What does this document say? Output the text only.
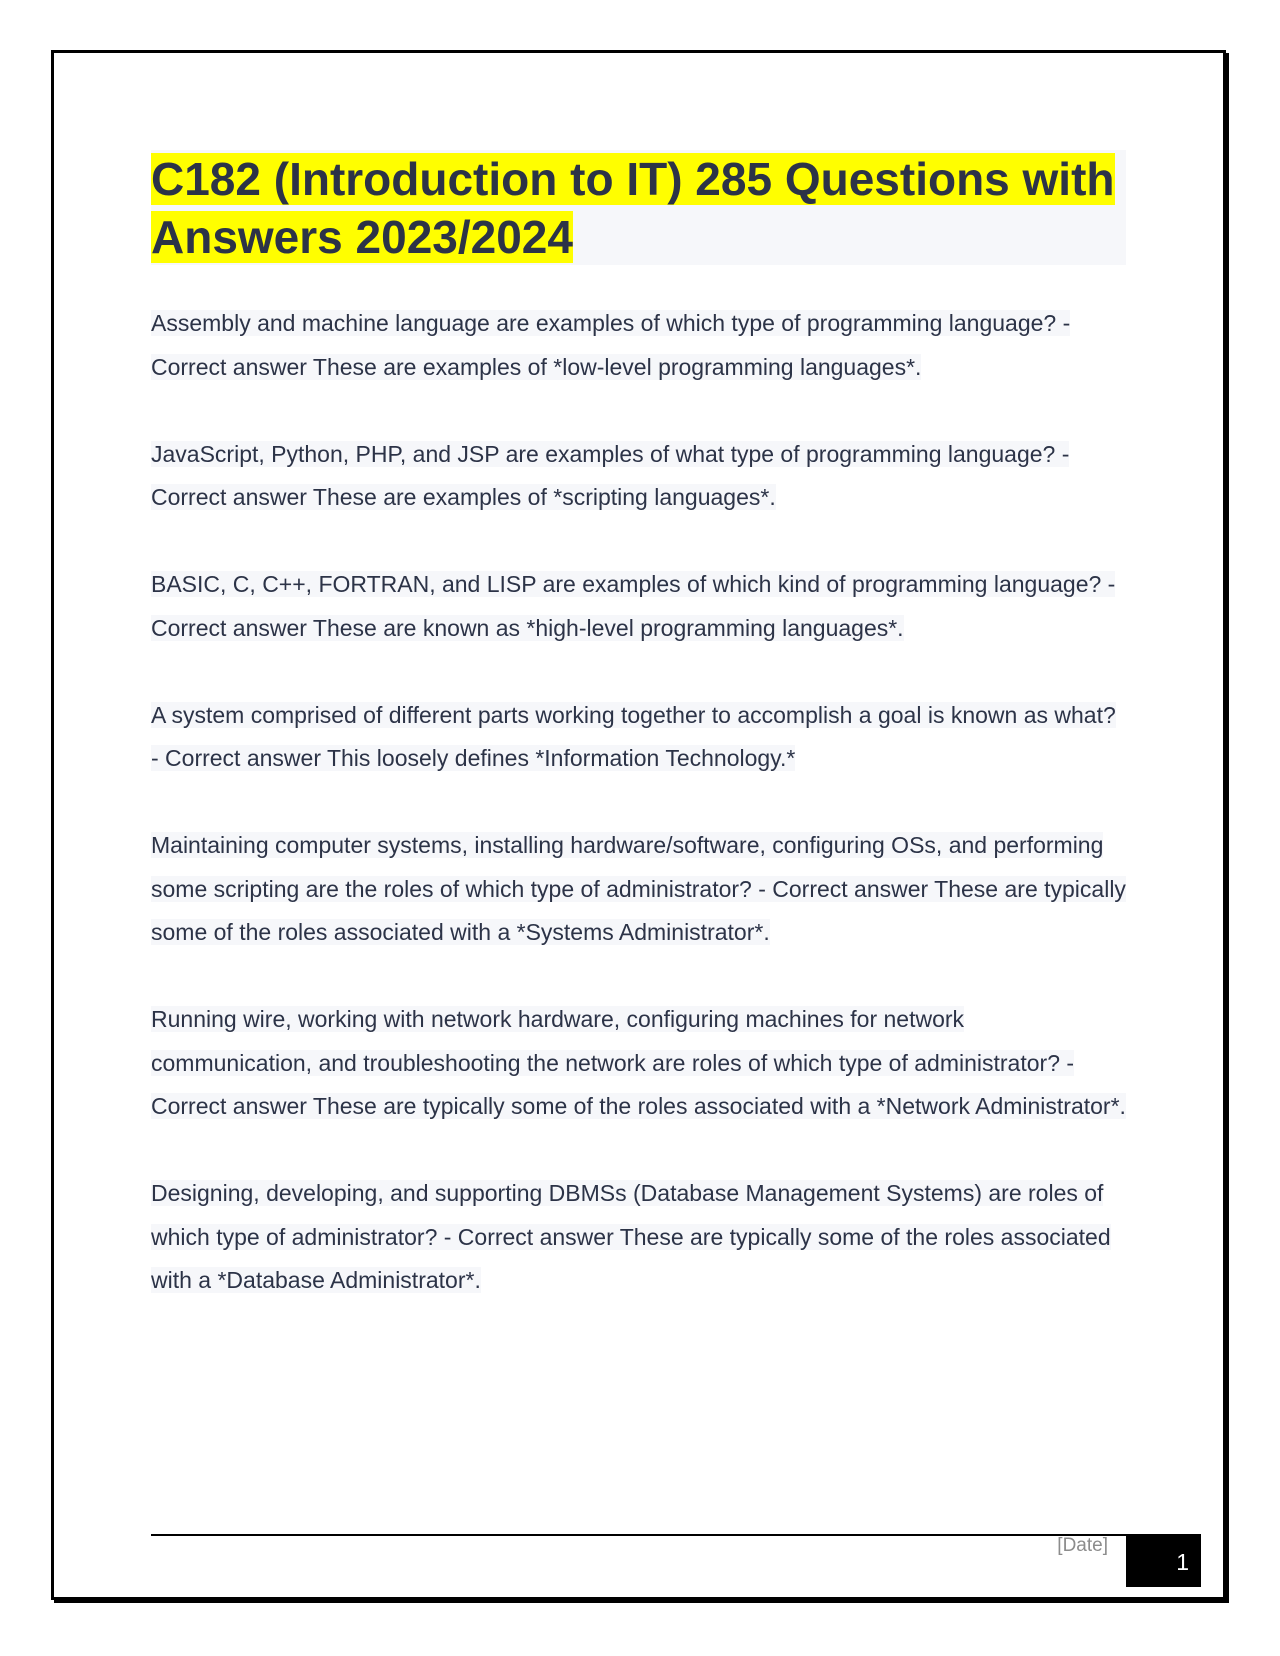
C182 (Introduction to IT) 285 Questions with Answers 2023/2024

Assembly and machine language are examples of which type of programming language? - Correct answer These are examples of *low-level programming languages*.

JavaScript, Python, PHP, and JSP are examples of what type of programming language? - Correct answer These are examples of *scripting languages*.

BASIC, C, C++, FORTRAN, and LISP are examples of which kind of programming language? - Correct answer These are known as *high-level programming languages*.

A system comprised of different parts working together to accomplish a goal is known as what? - Correct answer This loosely defines *Information Technology.*

Maintaining computer systems, installing hardware/software, configuring OSs, and performing some scripting are the roles of which type of administrator? - Correct answer These are typically some of the roles associated with a *Systems Administrator*.

Running wire, working with network hardware, configuring machines for network communication, and troubleshooting the network are roles of which type of administrator? - Correct answer These are typically some of the roles associated with a *Network Administrator*.

Designing, developing, and supporting DBMSs (Database Management Systems) are roles of which type of administrator? - Correct answer These are typically some of the roles associated with a *Database Administrator*.

[Date]
1
